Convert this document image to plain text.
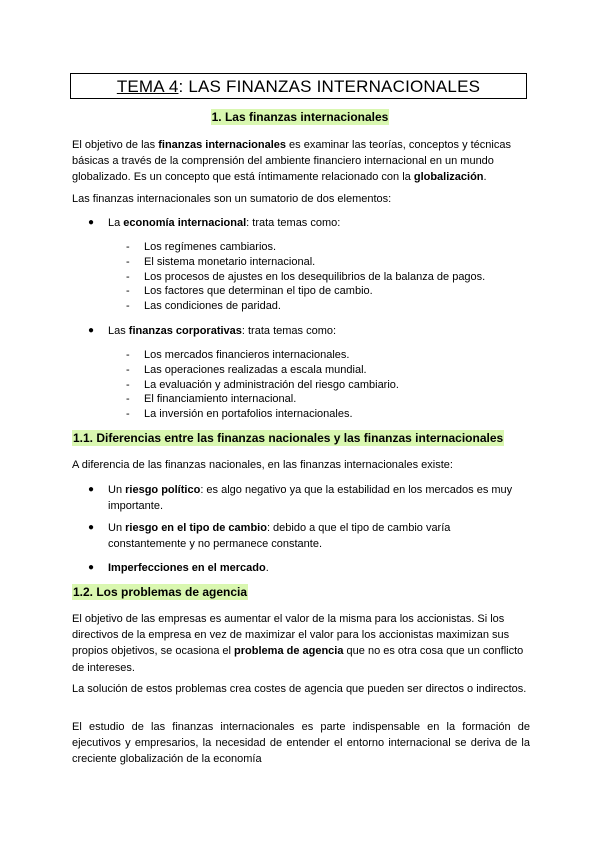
TEMA 4: LAS FINANZAS INTERNACIONALES
1. Las finanzas internacionales

El objetivo de las finanzas internacionales es examinar las teorías, conceptos y técnicas básicas a través de la comprensión del ambiente financiero internacional en un mundo globalizado. Es un concepto que está íntimamente relacionado con la globalización.

Las finanzas internacionales son un sumatorio de dos elementos:

● La economía internacional: trata temas como:
- Los regímenes cambiarios.
- El sistema monetario internacional.
- Los procesos de ajustes en los desequilibrios de la balanza de pagos.
- Los factores que determinan el tipo de cambio.
- Las condiciones de paridad.
● Las finanzas corporativas: trata temas como:
- Los mercados financieros internacionales.
- Las operaciones realizadas a escala mundial.
- La evaluación y administración del riesgo cambiario.
- El financiamiento internacional.
- La inversión en portafolios internacionales.
1.1. Diferencias entre las finanzas nacionales y las finanzas internacionales

A diferencia de las finanzas nacionales, en las finanzas internacionales existe:

● Un riesgo político: es algo negativo ya que la estabilidad en los mercados es muy importante.
● Un riesgo en el tipo de cambio: debido a que el tipo de cambio varía constantemente y no permanece constante.
● Imperfecciones en el mercado.
1.2. Los problemas de agencia

El objetivo de las empresas es aumentar el valor de la misma para los accionistas. Si los directivos de la empresa en vez de maximizar el valor para los accionistas maximizan sus propios objetivos, se ocasiona el problema de agencia que no es otra cosa que un conflicto de intereses.

La solución de estos problemas crea costes de agencia que pueden ser directos o indirectos.

El estudio de las finanzas internacionales es parte indispensable en la formación de ejecutivos y empresarios, la necesidad de entender el entorno internacional se deriva de la creciente globalización de la economía
